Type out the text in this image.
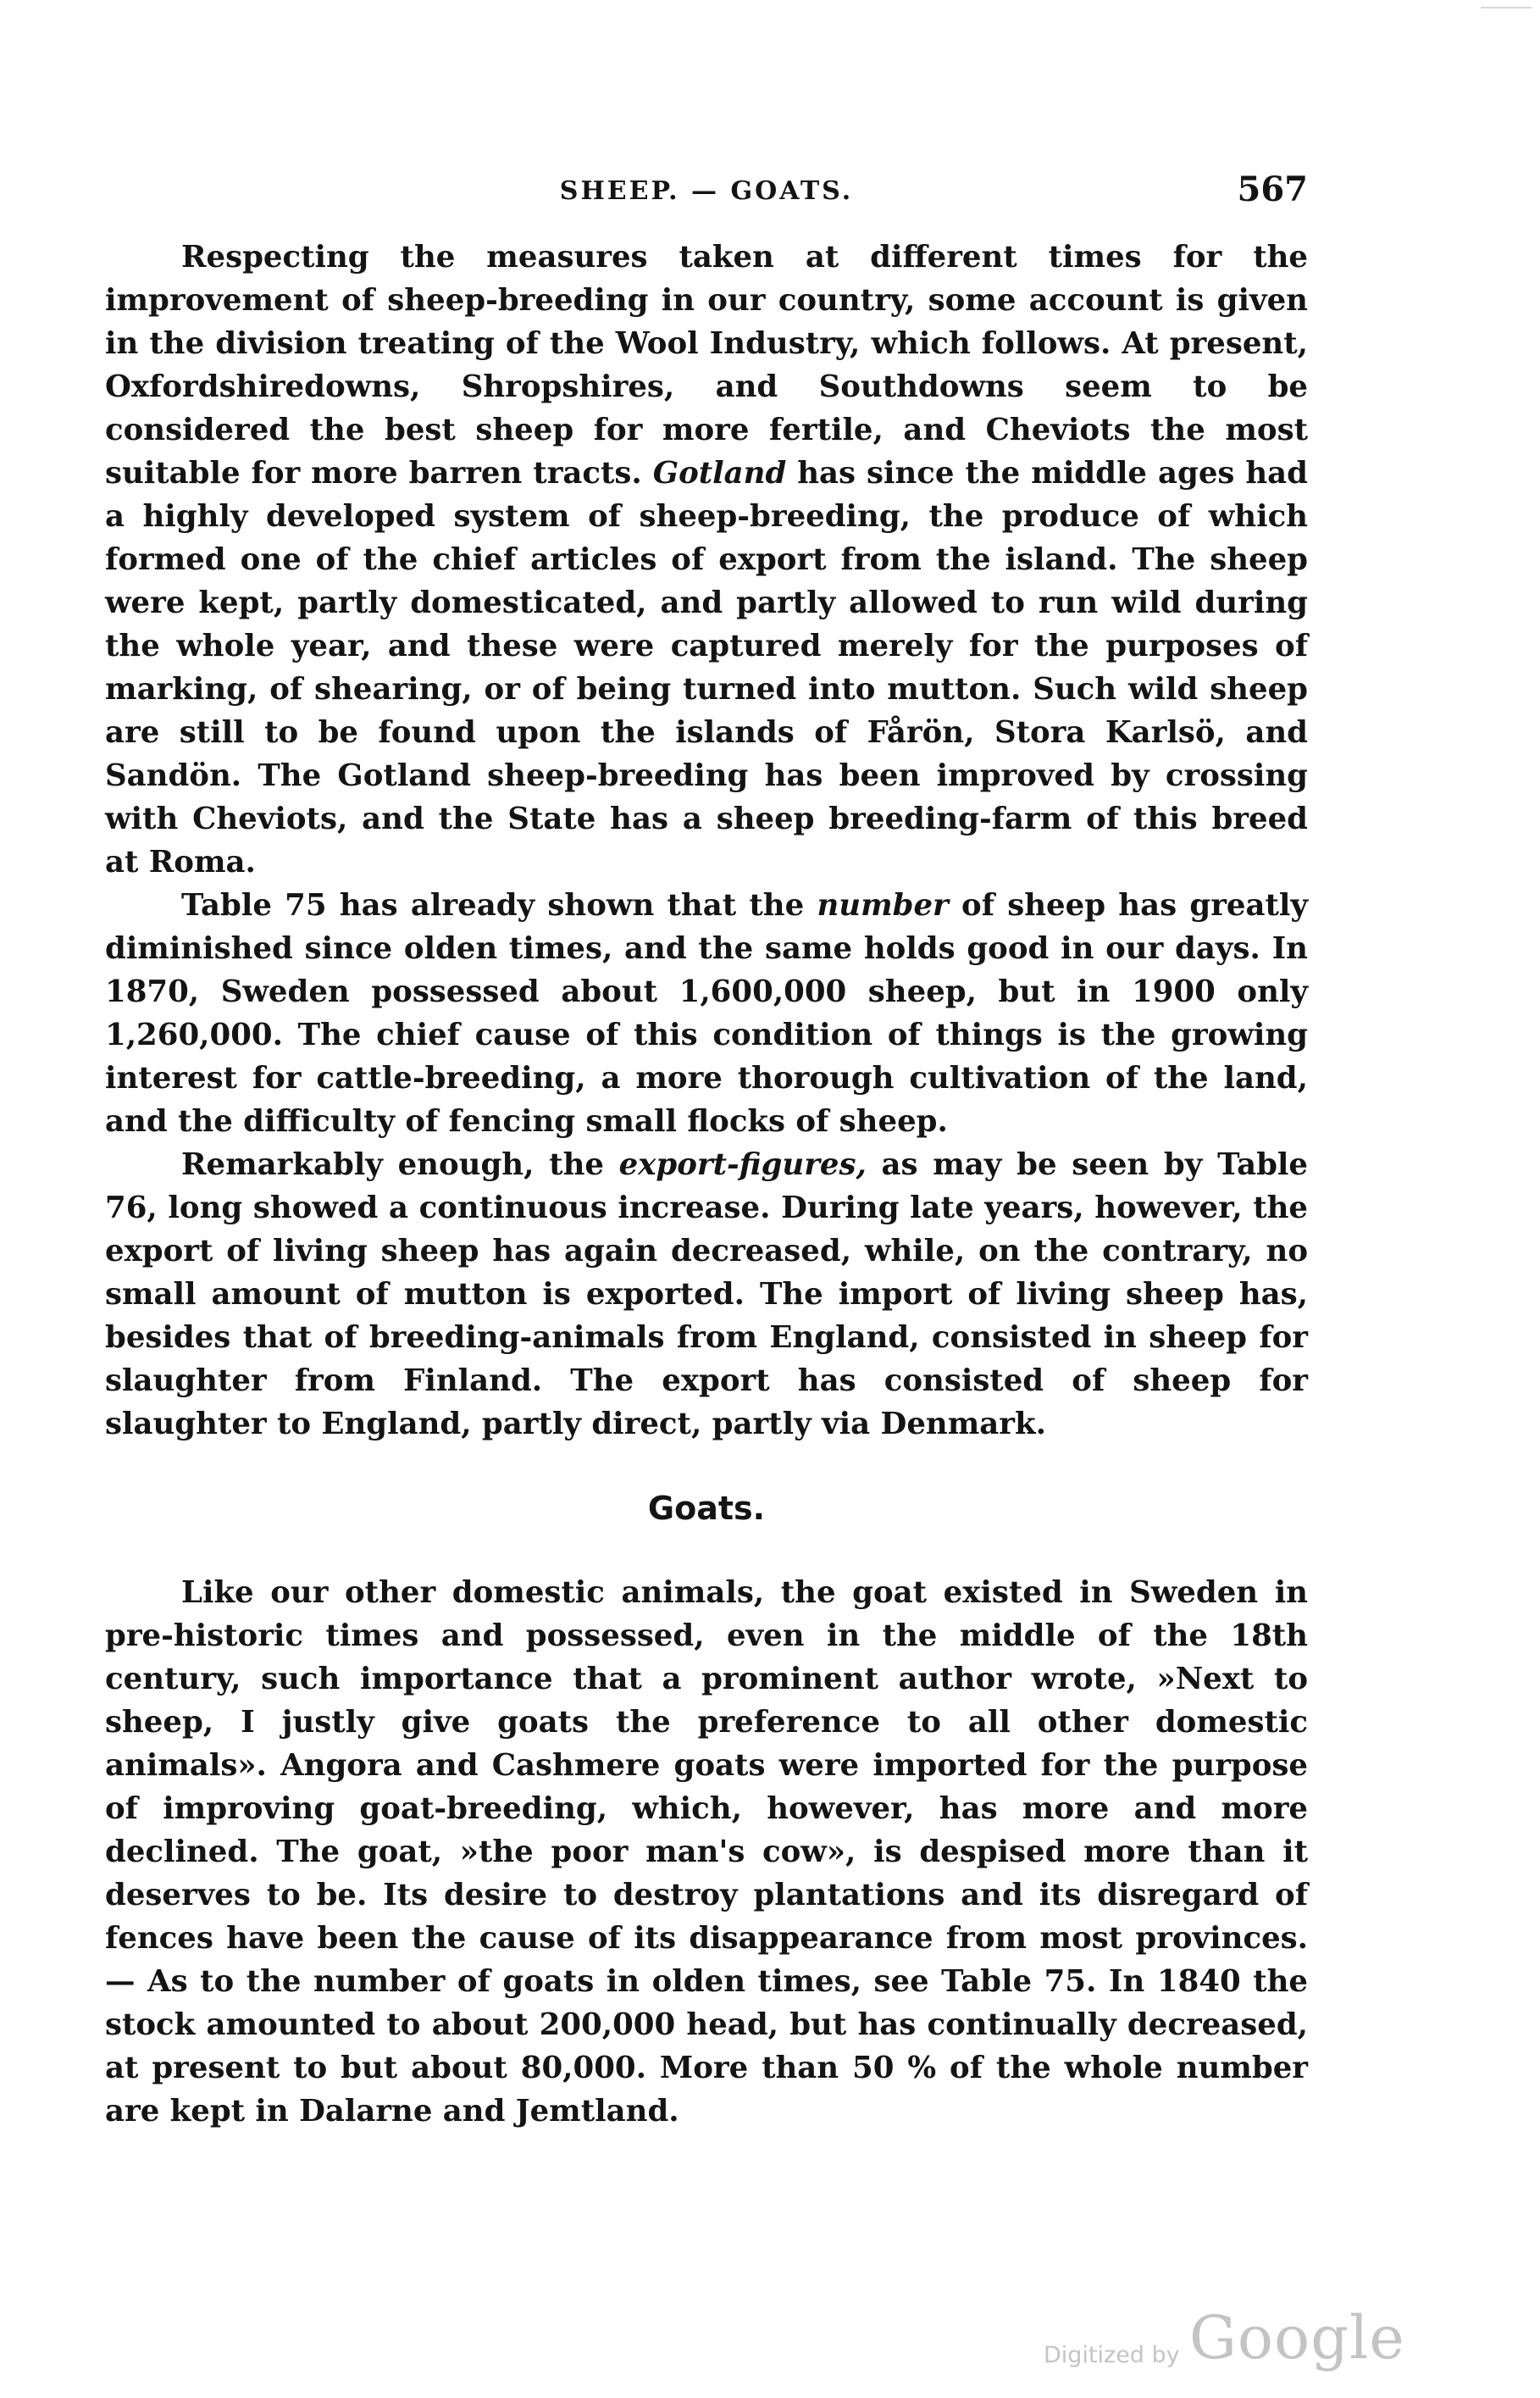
SHEEP. — GOATS.	567

Respecting the measures taken at different times for the improvement of sheep-breeding in our country, some account is given in the division treating of the Wool Industry, which follows. At present, Oxfordshiredowns, Shropshires, and Southdowns seem to be considered the best sheep for more fertile, and Cheviots the most suitable for more barren tracts. Gotland has since the middle ages had a highly developed system of sheep-breeding, the produce of which formed one of the chief articles of export from the island. The sheep were kept, partly domesticated, and partly allowed to run wild during the whole year, and these were captured merely for the purposes of marking, of shearing, or of being turned into mutton. Such wild sheep are still to be found upon the islands of Fårön, Stora Karlsö, and Sandön. The Gotland sheep-breeding has been improved by crossing with Cheviots, and the State has a sheep breeding-farm of this breed at Roma.

Table 75 has already shown that the number of sheep has greatly diminished since olden times, and the same holds good in our days. In 1870, Sweden possessed about 1,600,000 sheep, but in 1900 only 1,260,000. The chief cause of this condition of things is the growing interest for cattle-breeding, a more thorough cultivation of the land, and the difficulty of fencing small flocks of sheep.

Remarkably enough, the export-figures, as may be seen by Table 76, long showed a continuous increase. During late years, however, the export of living sheep has again decreased, while, on the contrary, no small amount of mutton is exported. The import of living sheep has, besides that of breeding-animals from England, consisted in sheep for slaughter from Finland. The export has consisted of sheep for slaughter to England, partly direct, partly via Denmark.

Goats.

Like our other domestic animals, the goat existed in Sweden in pre-historic times and possessed, even in the middle of the 18th century, such importance that a prominent author wrote, »Next to sheep, I justly give goats the preference to all other domestic animals». Angora and Cashmere goats were imported for the purpose of improving goat-breeding, which, however, has more and more declined. The goat, »the poor man's cow», is despised more than it deserves to be. Its desire to destroy plantations and its disregard of fences have been the cause of its disappearance from most provinces. — As to the number of goats in olden times, see Table 75. In 1840 the stock amounted to about 200,000 head, but has continually decreased, at present to but about 80,000. More than 50 % of the whole number are kept in Dalarne and Jemtland.

Digitized by Google
